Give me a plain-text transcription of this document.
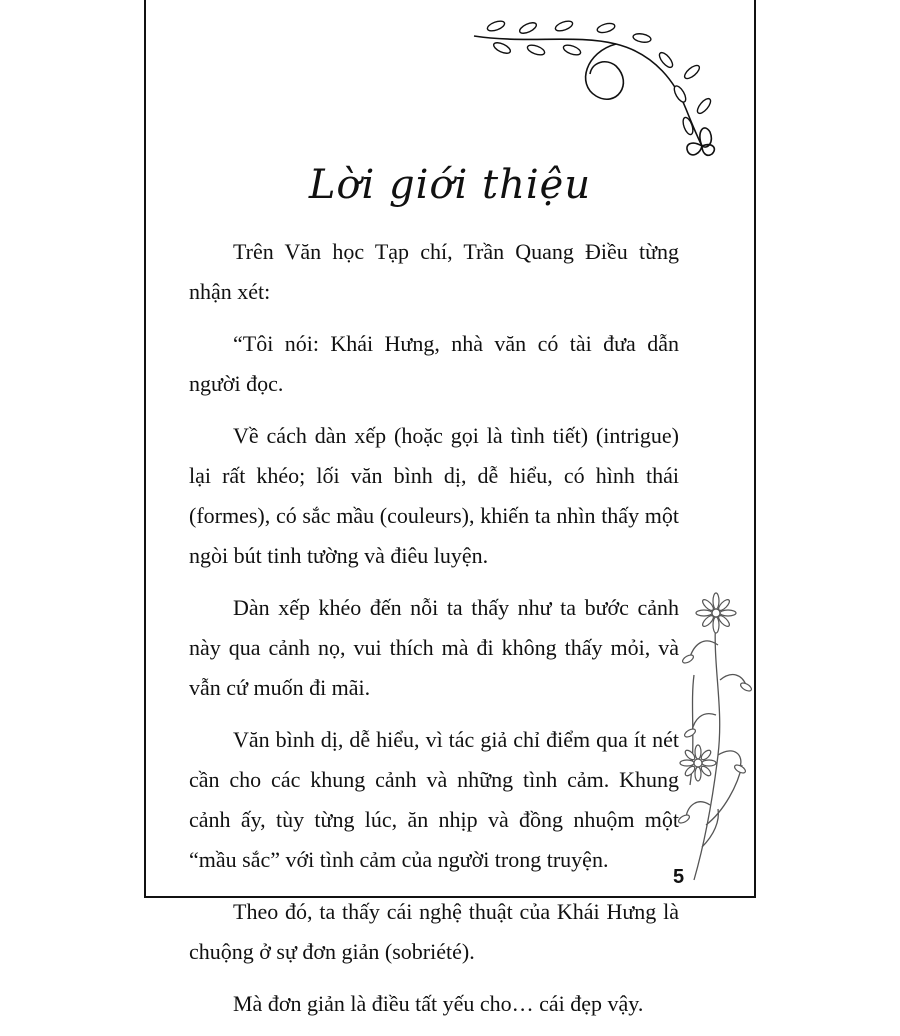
Lời giới thiệu

Trên Văn học Tạp chí, Trần Quang Điều từng nhận xét:

“Tôi nói: Khái Hưng, nhà văn có tài đưa dẫn người đọc.

Về cách dàn xếp (hoặc gọi là tình tiết) (intrigue) lại rất khéo; lối văn bình dị, dễ hiểu, có hình thái (formes), có sắc mầu (couleurs), khiến ta nhìn thấy một ngòi bút tinh tường và điêu luyện.

Dàn xếp khéo đến nỗi ta thấy như ta bước cảnh này qua cảnh nọ, vui thích mà đi không thấy mỏi, và vẫn cứ muốn đi mãi.

Văn bình dị, dễ hiểu, vì tác giả chỉ điểm qua ít nét cần cho các khung cảnh và những tình cảm. Khung cảnh ấy, tùy từng lúc, ăn nhịp và đồng nhuộm một “mầu sắc” với tình cảm của người trong truyện.

Theo đó, ta thấy cái nghệ thuật của Khái Hưng là chuộng ở sự đơn giản (sobriété).

Mà đơn giản là điều tất yếu cho… cái đẹp vậy.

5
